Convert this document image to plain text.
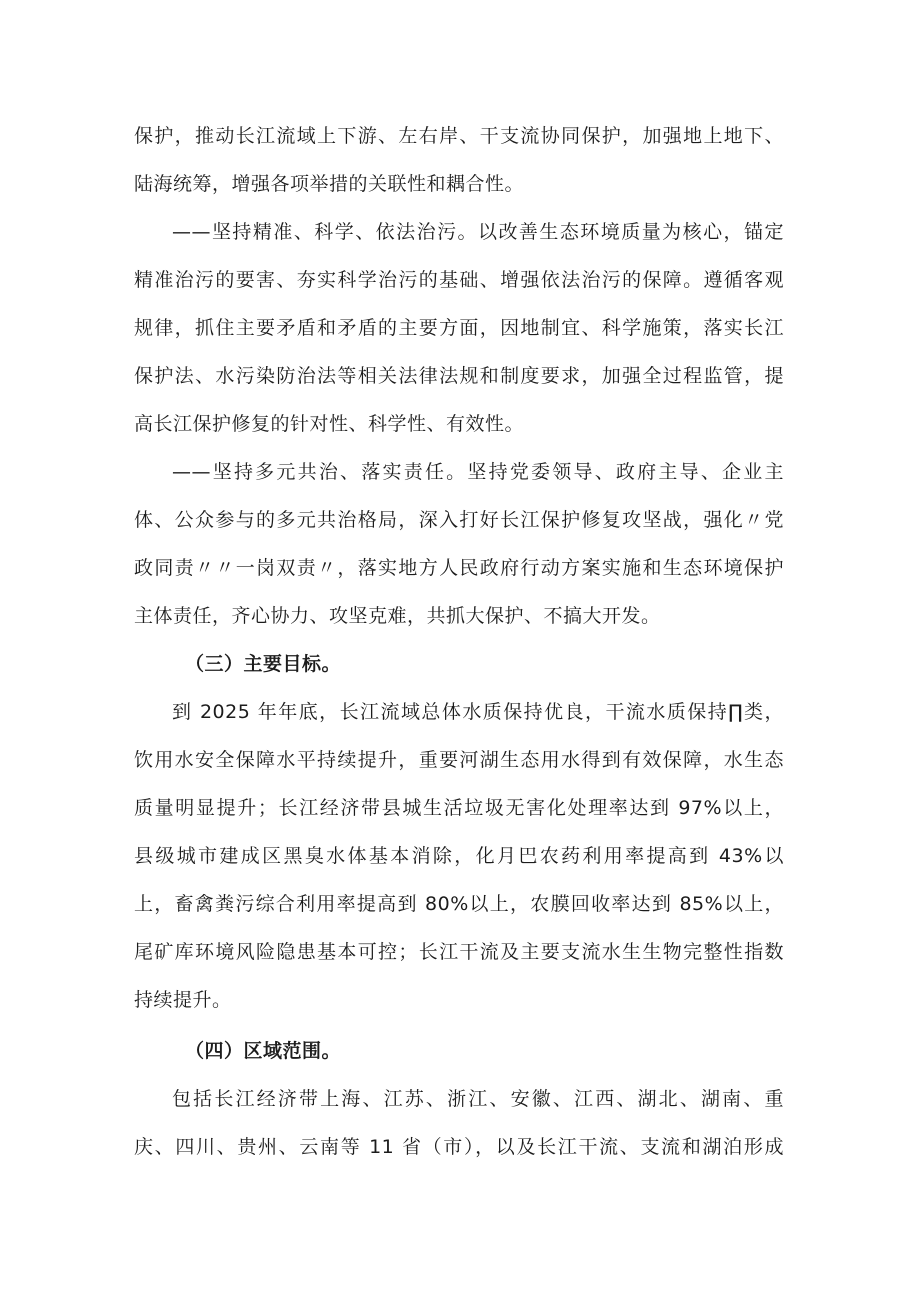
保护，推动长江流域上下游、左右岸、干支流协同保护，加强地上地下、
陆海统筹，增强各项举措的关联性和耦合性。
——坚持精准、科学、依法治污。以改善生态环境质量为核心，锚定
精准治污的要害、夯实科学治污的基础、增强依法治污的保障。遵循客观
规律，抓住主要矛盾和矛盾的主要方面，因地制宜、科学施策，落实长江
保护法、水污染防治法等相关法律法规和制度要求，加强全过程监管，提
高长江保护修复的针对性、科学性、有效性。
——坚持多元共治、落实责任。坚持党委领导、政府主导、企业主
体、公众参与的多元共治格局，深入打好长江保护修复攻坚战，强化〃党
政同责〃〃一岗双责〃，落实地方人民政府行动方案实施和生态环境保护
主体责任，齐心协力、攻坚克难，共抓大保护、不搞大开发。
（三）主要目标。
到 2025 年年底，长江流域总体水质保持优良，干流水质保持∏类，
饮用水安全保障水平持续提升，重要河湖生态用水得到有效保障，水生态
质量明显提升；长江经济带县城生活垃圾无害化处理率达到 97%以上，
县级城市建成区黑臭水体基本消除，化月巴农药利用率提高到 43%以
上，畜禽粪污综合利用率提高到 80%以上，农膜回收率达到 85%以上，
尾矿库环境风险隐患基本可控；长江干流及主要支流水生生物完整性指数
持续提升。
（四）区域范围。
包括长江经济带上海、江苏、浙江、安徽、江西、湖北、湖南、重
庆、四川、贵州、云南等 11 省（市），以及长江干流、支流和湖泊形成
